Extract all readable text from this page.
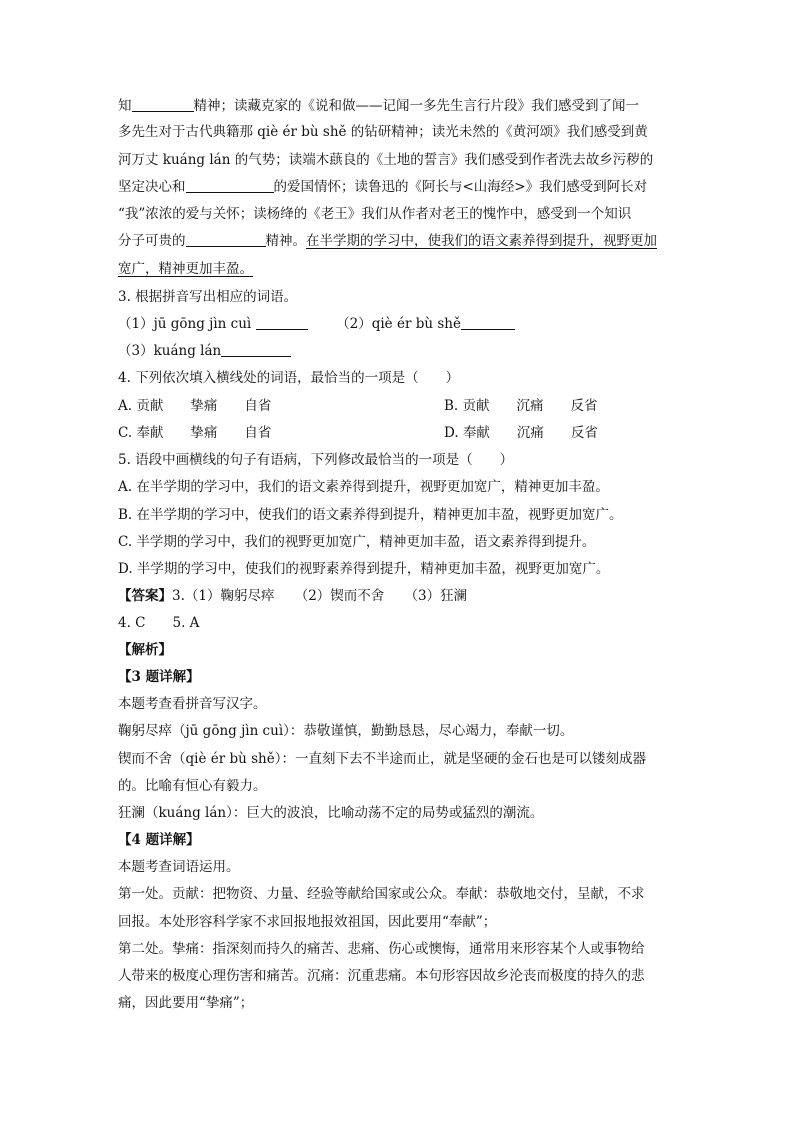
知	精神；读藏克家的《说和做——记闻一多先生言行片段》我们感受到了闻一
多先生对于古代典籍那 qiè ér bù shě 的钻研精神；读光未然的《黄河颂》我们感受到黄
河万丈 kuáng lán 的气势；读端木蕻良的《土地的誓言》我们感受到作者洗去故乡污秽的
坚定决心和	的爱国情怀；读鲁迅的《阿长与<山海经>》我们感受到阿长对
“我”浓浓的爱与关怀；读杨绛的《老王》我们从作者对老王的愧怍中，感受到一个知识
分子可贵的	精神。在半学期的学习中，使我们的语文素养得到提升，视野更加
宽广，精神更加丰盈。
3. 根据拼音写出相应的词语。
（1）jū gōng jìn cuì	（2）qiè ér bù shě
（3）kuáng lán
4. 下列依次填入横线处的词语，最恰当的一项是（　　）
A. 贡献　　挚痛　　自省	B. 贡献　　沉痛　　反省
C. 奉献　　挚痛　　自省	D. 奉献　　沉痛　　反省
5. 语段中画横线的句子有语病，下列修改最恰当的一项是（　　）
A. 在半学期的学习中，我们的语文素养得到提升，视野更加宽广，精神更加丰盈。
B. 在半学期的学习中，使我们的语文素养得到提升，精神更加丰盈，视野更加宽广。
C. 半学期的学习中，我们的视野更加宽广，精神更加丰盈，语文素养得到提升。
D. 半学期的学习中，使我们的视野素养得到提升，精神更加丰盈，视野更加宽广。
【答案】3.（1）鞠躬尽瘁　　（2）锲而不舍　　（3）狂澜
4. C　　5. A
【解析】
【3 题详解】
本题考查看拼音写汉字。
鞠躬尽瘁（jū gōng jìn cuì）：恭敬谨慎，勤勤恳恳，尽心竭力，奉献一切。
锲而不舍（qiè ér bù shě）：一直刻下去不半途而止，就是坚硬的金石也是可以镂刻成器
的。比喻有恒心有毅力。
狂澜（kuáng lán）：巨大的波浪，比喻动荡不定的局势或猛烈的潮流。
【4 题详解】
本题考查词语运用。
第一处。贡献：把物资、力量、经验等献给国家或公众。奉献：恭敬地交付，呈献，不求
回报。本处形容科学家不求回报地报效祖国，因此要用“奉献”；
第二处。挚痛：指深刻而持久的痛苦、悲痛、伤心或懊悔，通常用来形容某个人或事物给
人带来的极度心理伤害和痛苦。沉痛：沉重悲痛。本句形容因故乡沦丧而极度的持久的悲
痛，因此要用“挚痛”；
